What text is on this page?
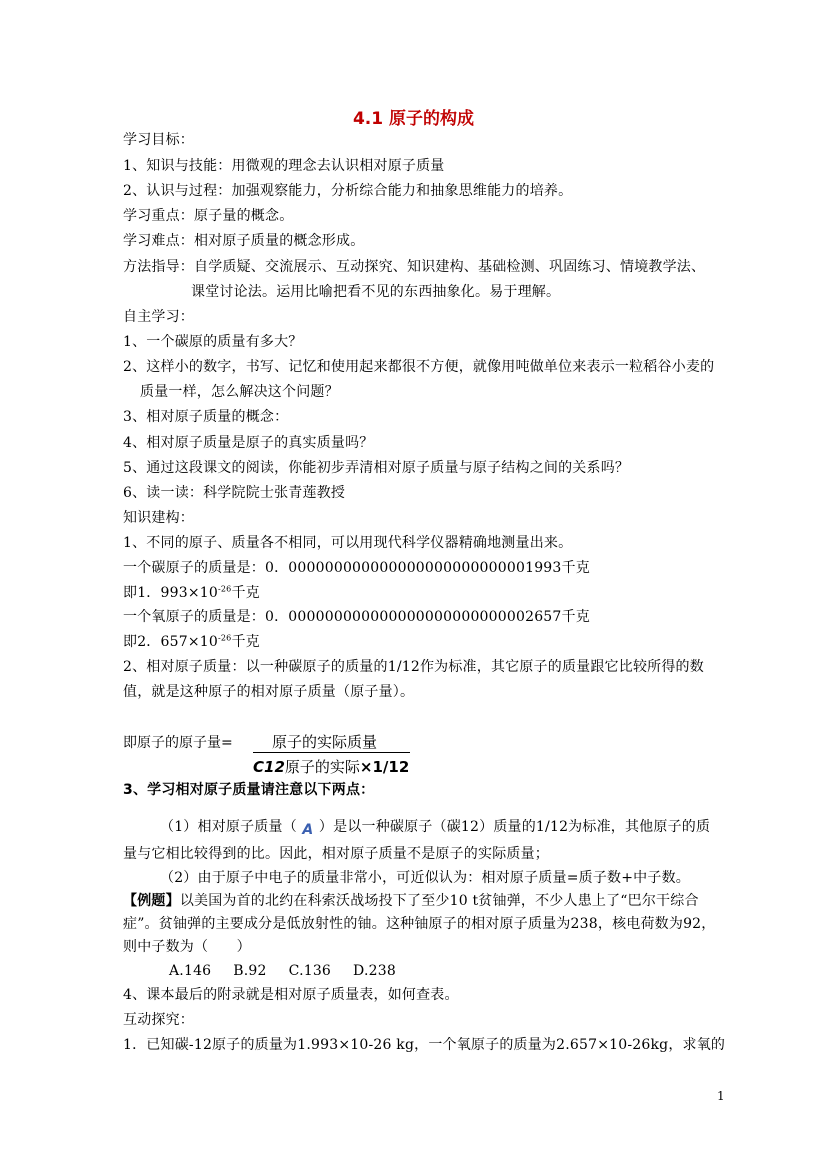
4.1 原子的构成
学习目标：
1、知识与技能：用微观的理念去认识相对原子质量
2、认识与过程：加强观察能力，分析综合能力和抽象思维能力的培养。
学习重点：原子量的概念。
学习难点：相对原子质量的概念形成。
方法指导：自学质疑、交流展示、互动探究、知识建构、基础检测、巩固练习、情境教学法、
课堂讨论法。运用比喻把看不见的东西抽象化。易于理解。
自主学习：
1、一个碳原的质量有多大？
2、这样小的数字，书写、记忆和使用起来都很不方便，就像用吨做单位来表示一粒稻谷小麦的
质量一样，怎么解决这个问题？
3、相对原子质量的概念：
4、相对原子质量是原子的真实质量吗？
5、通过这段课文的阅读，你能初步弄清相对原子质量与原子结构之间的关系吗？
6、读一读：科学院院士张青莲教授
知识建构：
1、不同的原子、质量各不相同，可以用现代科学仪器精确地测量出来。
一个碳原子的质量是：0．000000000000000000000000001993千克
即1．$993\times 10^{-26}$千克
一个氧原子的质量是：0．000000000000000000000000002657千克
即2．$657\times 10^{-26}$千克
2、相对原子质量：以一种碳原子的质量的1/12作为标准，其它原子的质量跟它比较所得的数
值，就是这种原子的相对原子质量（原子量）。
即原子的原子量=	原子的实际质量
C12原子的实际×1/12
3、学习相对原子质量请注意以下两点：
（1）相对原子质量（ A ）是以一种碳原子（碳12）质量的1/12为标准，其他原子的质
量与它相比较得到的比。因此，相对原子质量不是原子的实际质量；
（2）由于原子中电子的质量非常小，可近似认为：相对原子质量=质子数+中子数。
【例题】以美国为首的北约在科索沃战场投下了至少10 t贫铀弹，不少人患上了“巴尔干综合
症”。贫铀弹的主要成分是低放射性的铀。这种铀原子的相对原子质量为238，核电荷数为92，
则中子数为（　　）
A.146 B.92 C.136 D.238
4、课本最后的附录就是相对原子质量表，如何查表。
互动探究：
1．已知碳-12原子的质量为1.993×10-26 kg，一个氧原子的质量为2.657×10-26kg，求氧的
1
